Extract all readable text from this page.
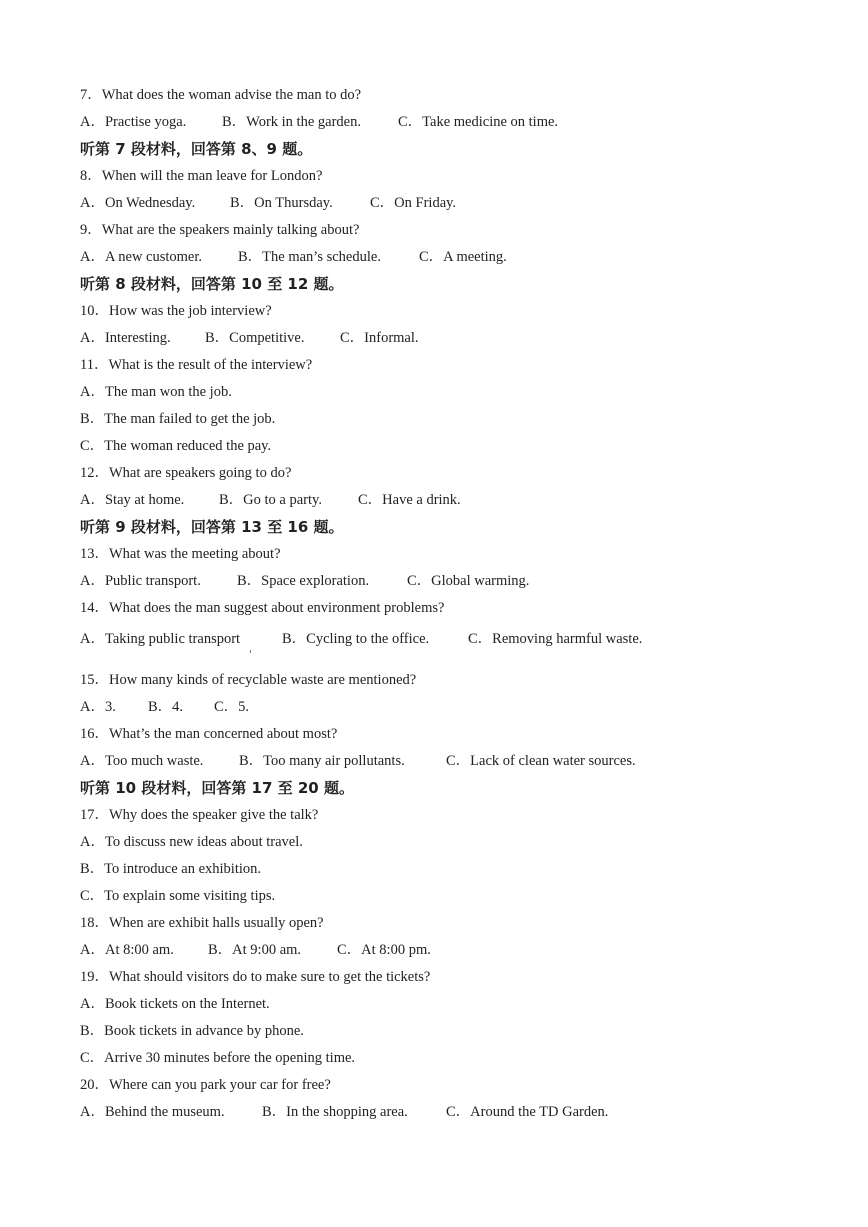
7．What does the woman advise the man to do?
A．Practise yoga. B．Work in the garden.	C．Take medicine on time.
听第 7 段材料，回答第 8、9 题。
8．When will the man leave for London?
A．On Wednesday. B．On Thursday.	C．On Friday.
9．What are the speakers mainly talking about?
A．A new customer. B．The man’s schedule.	C．A meeting.
听第 8 段材料，回答第 10 至 12 题。
10．How was the job interview?
A．Interesting. B．Competitive. C．Informal.
11．What is the result of the interview?
A．The man won the job.
B．The man failed to get the job.
C．The woman reduced the pay.
12．What are speakers going to do?
A．Stay at home. B．Go to a party. C．Have a drink.
听第 9 段材料，回答第 13 至 16 题。
13．What was the meeting about?
A．Public transport. B．Space exploration.	C．Global warming.
14．What does the man suggest about environment problems?
A．Taking public transport	B．Cycling to the office.	C．Removing harmful waste.
15．How many kinds of recyclable waste are mentioned?
A．3. B．4. C．5.
16．What’s the man concerned about most?
A．Too much waste. B．Too many air pollutants.	C．Lack of clean water sources.
听第 10 段材料，回答第 17 至 20 题。
17．Why does the speaker give the talk?
A．To discuss new ideas about travel.
B．To introduce an exhibition.
C．To explain some visiting tips.
18．When are exhibit halls usually open?
A．At 8:00 am. B．At 9:00 am. C．At 8:00 pm.
19．What should visitors do to make sure to get the tickets?
A．Book tickets on the Internet.
B．Book tickets in advance by phone.
C．Arrive 30 minutes before the opening time.
20．Where can you park your car for free?
A．Behind the museum.	B．In the shopping area.	C．Around the TD Garden.
